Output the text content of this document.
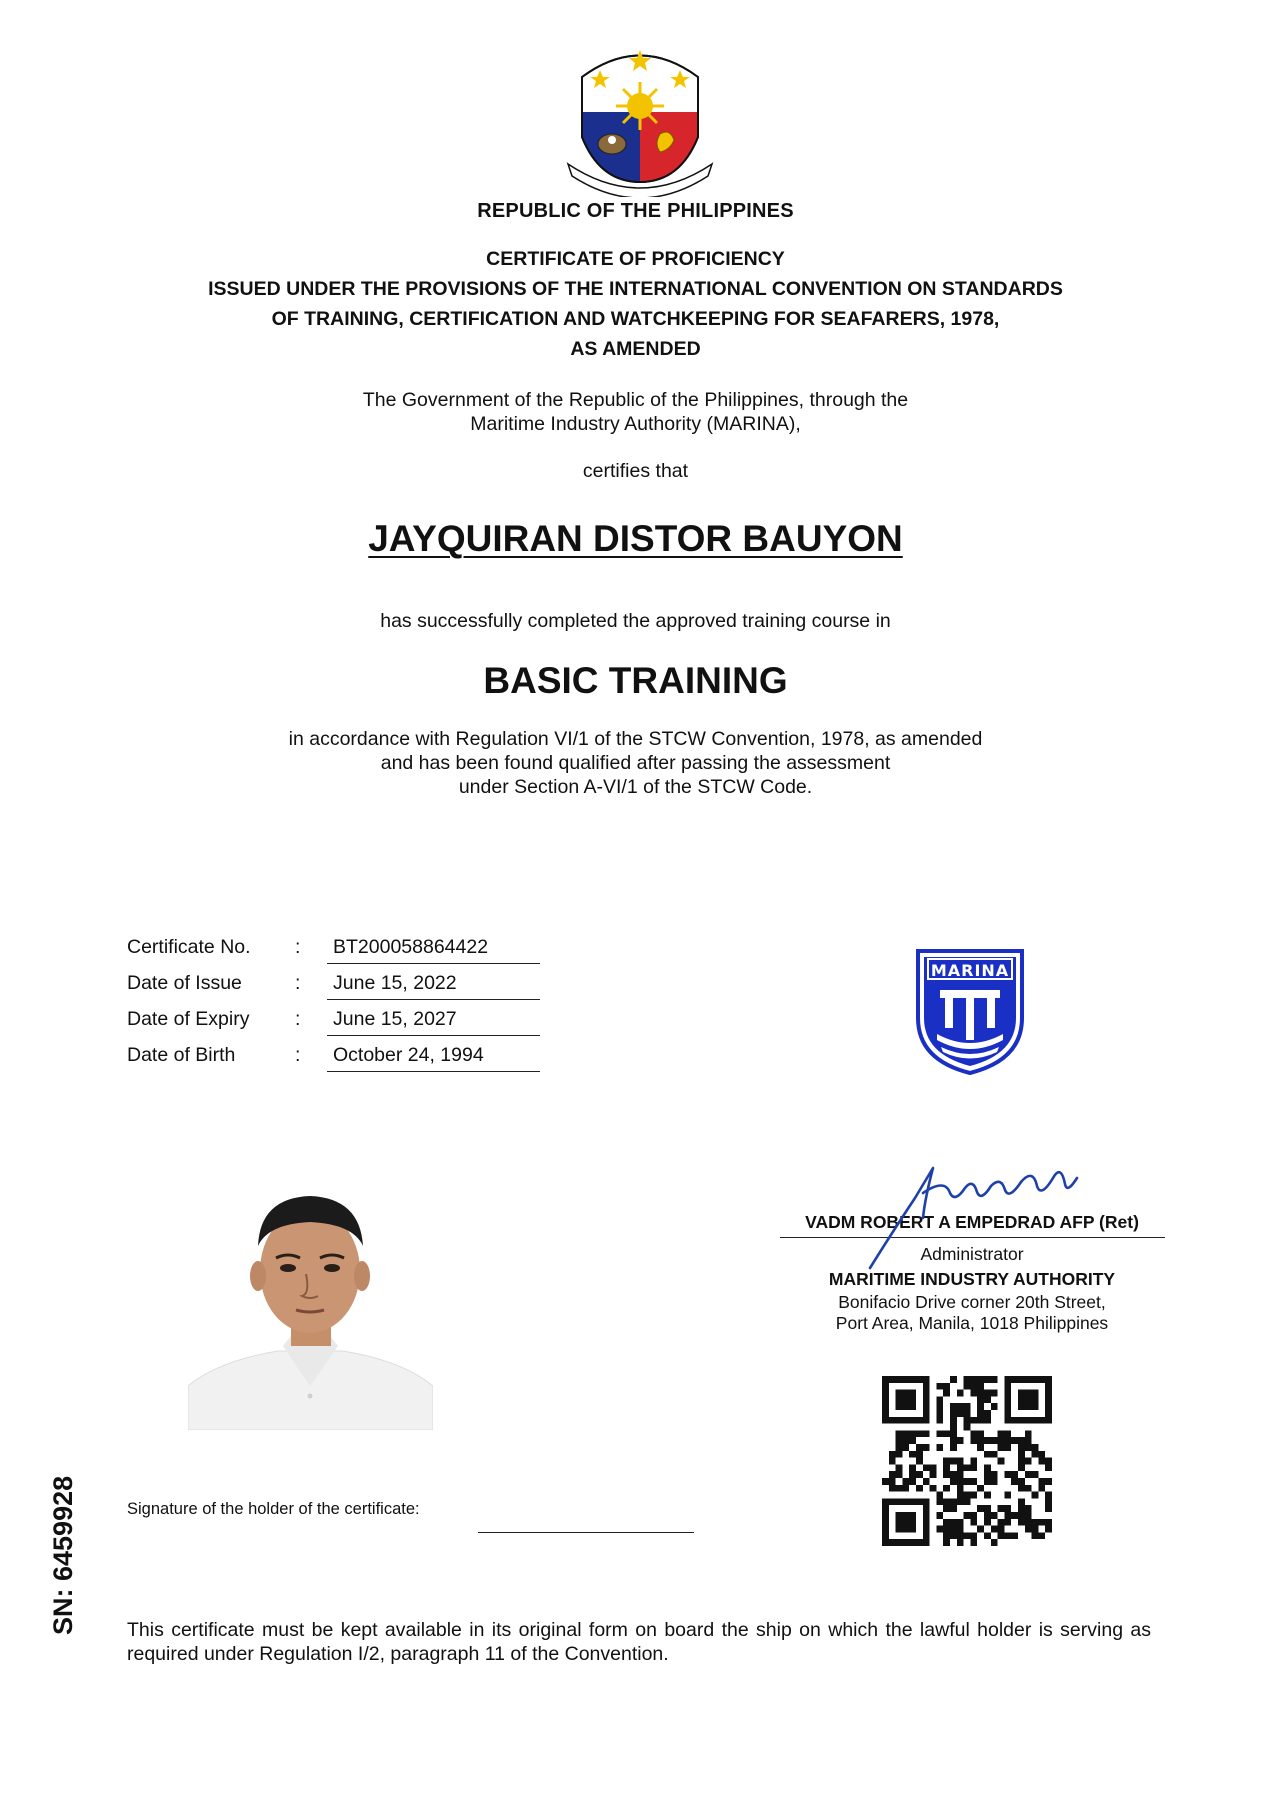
REPUBLIC OF THE PHILIPPINES
CERTIFICATE OF PROFICIENCY
ISSUED UNDER THE PROVISIONS OF THE INTERNATIONAL CONVENTION ON STANDARDS
OF TRAINING, CERTIFICATION AND WATCHKEEPING FOR SEAFARERS, 1978,
AS AMENDED
The Government of the Republic of the Philippines, through the
Maritime Industry Authority (MARINA),
certifies that
JAYQUIRAN DISTOR BAUYON
has successfully completed the approved training course in
BASIC TRAINING
in accordance with Regulation VI/1 of the STCW Convention, 1978, as amended
and has been found qualified after passing the assessment
under Section A-VI/1 of the STCW Code.
Certificate No. :	BT200058864422
Date of Issue	:	June 15, 2022
Date of Expiry :	June 15, 2027
Date of Birth	:	October 24, 1994
MARINA
VADM ROBERT A EMPEDRAD AFP (Ret)
Administrator
MARITIME INDUSTRY AUTHORITY
Bonifacio Drive corner 20th Street,
Port Area, Manila, 1018 Philippines
Signature of the holder of the certificate:
SN: 6459928	This certificate must be kept available in its original form on board the ship on which the lawful holder is serving as required under Regulation I/2, paragraph 11 of the Convention.
